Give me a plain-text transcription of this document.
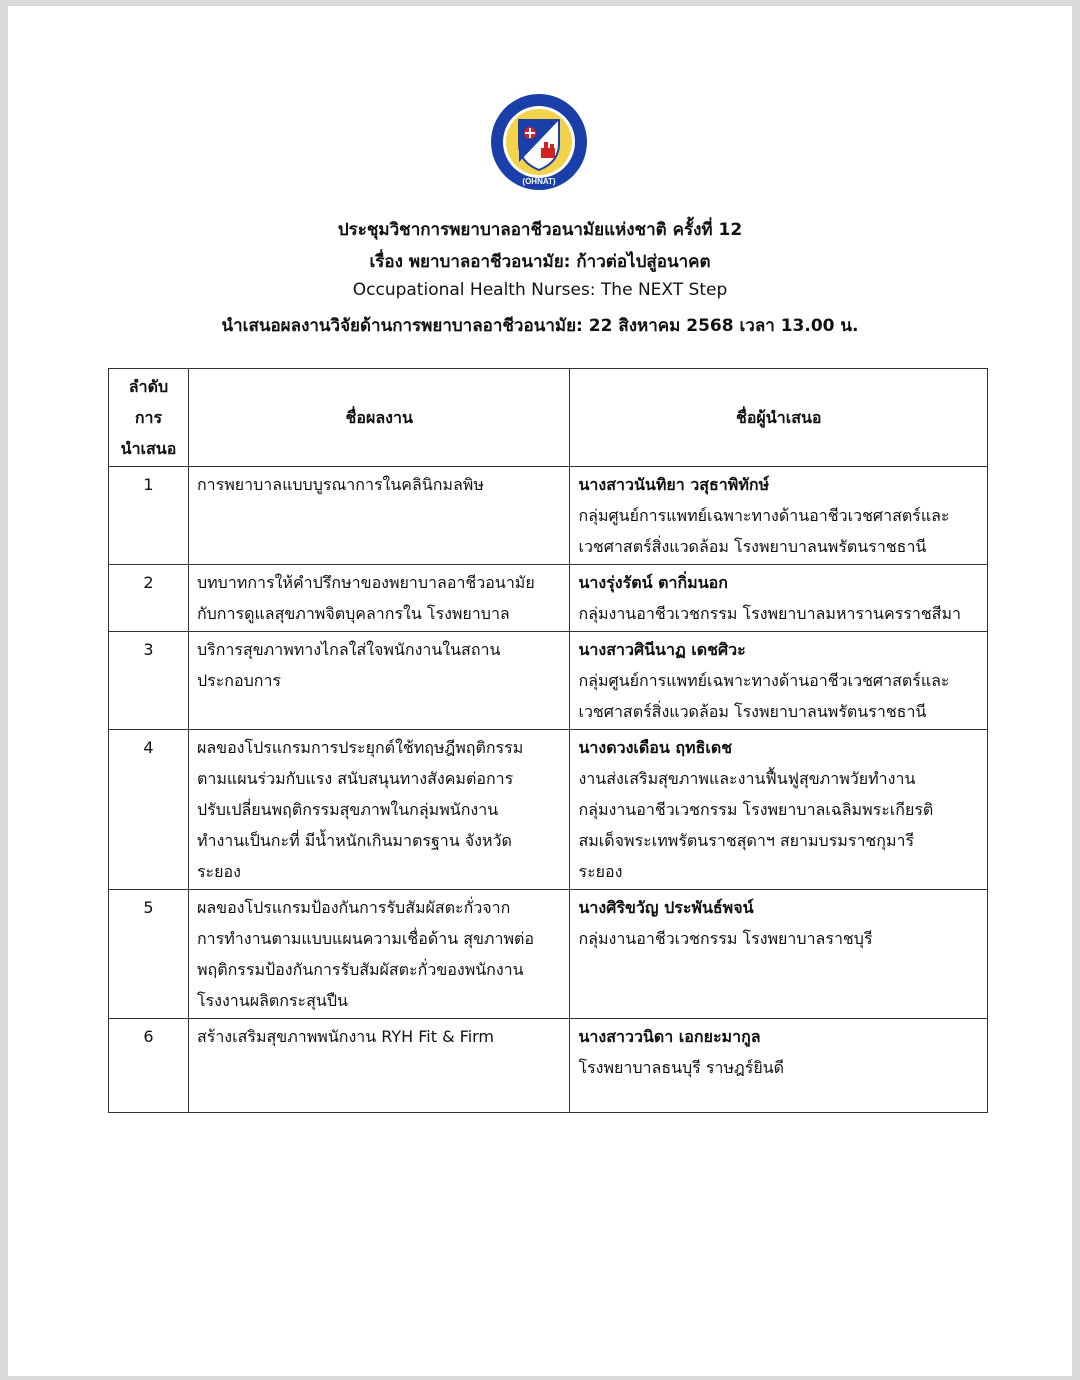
(OHNAT)
ประชุมวิชาการพยาบาลอาชีวอนามัยแห่งชาติ ครั้งที่ 12
เรื่อง พยาบาลอาชีวอนามัย: ก้าวต่อไปสู่อนาคต
Occupational Health Nurses: The NEXT Step
นำเสนอผลงานวิจัยด้านการพยาบาลอาชีวอนามัย: 22 สิงหาคม 2568 เวลา 13.00 น.
ลำดับ
การ
นำเสนอ	ชื่อผลงาน	ชื่อผู้นำเสนอ
1	การพยาบาลแบบบูรณาการในคลินิกมลพิษ	นางสาวนันทิยา วสุธาพิทักษ์
กลุ่มศูนย์การแพทย์เฉพาะทางด้านอาชีวเวชศาสตร์และ
เวชศาสตร์สิ่งแวดล้อม โรงพยาบาลนพรัตนราชธานี

2	บทบาทการให้คำปรึกษาของพยาบาลอาชีวอนามัย
กับการดูแลสุขภาพจิตบุคลากรใน โรงพยาบาล	นางรุ่งรัตน์ ตากิ่มนอก
กลุ่มงานอาชีวเวชกรรม โรงพยาบาลมหารานครราชสีมา

3	บริการสุขภาพทางไกลใส่ใจพนักงานในสถาน
ประกอบการ	นางสาวศินีนาฏ เดชศิวะ
กลุ่มศูนย์การแพทย์เฉพาะทางด้านอาชีวเวชศาสตร์และ
เวชศาสตร์สิ่งแวดล้อม โรงพยาบาลนพรัตนราชธานี

4	ผลของโปรแกรมการประยุกต์ใช้ทฤษฎีพฤติกรรม
ตามแผนร่วมกับแรง สนับสนุนทางสังคมต่อการ
ปรับเปลี่ยนพฤติกรรมสุขภาพในกลุ่มพนักงาน
ทำงานเป็นกะที่ มีน้ำหนักเกินมาตรฐาน จังหวัด
ระยอง	นางดวงเดือน ฤทธิเดช
งานส่งเสริมสุขภาพและงานฟื้นฟูสุขภาพวัยทำงาน
กลุ่มงานอาชีวเวชกรรม โรงพยาบาลเฉลิมพระเกียรติ
สมเด็จพระเทพรัตนราชสุดาฯ สยามบรมราชกุมารี
ระยอง

5	ผลของโปรแกรมป้องกันการรับสัมผัสตะกั่วจาก
การทำงานตามแบบแผนความเชื่อด้าน สุขภาพต่อ
พฤติกรรมป้องกันการรับสัมผัสตะกั่วของพนักงาน
โรงงานผลิตกระสุนปืน	นางศิริขวัญ ประพันธ์พจน์
กลุ่มงานอาชีวเวชกรรม โรงพยาบาลราชบุรี

6	สร้างเสริมสุขภาพพนักงาน RYH Fit & Firm	นางสาววนิดา เอกยะมากูล
โรงพยาบาลธนบุรี ราษฎร์ยินดี
